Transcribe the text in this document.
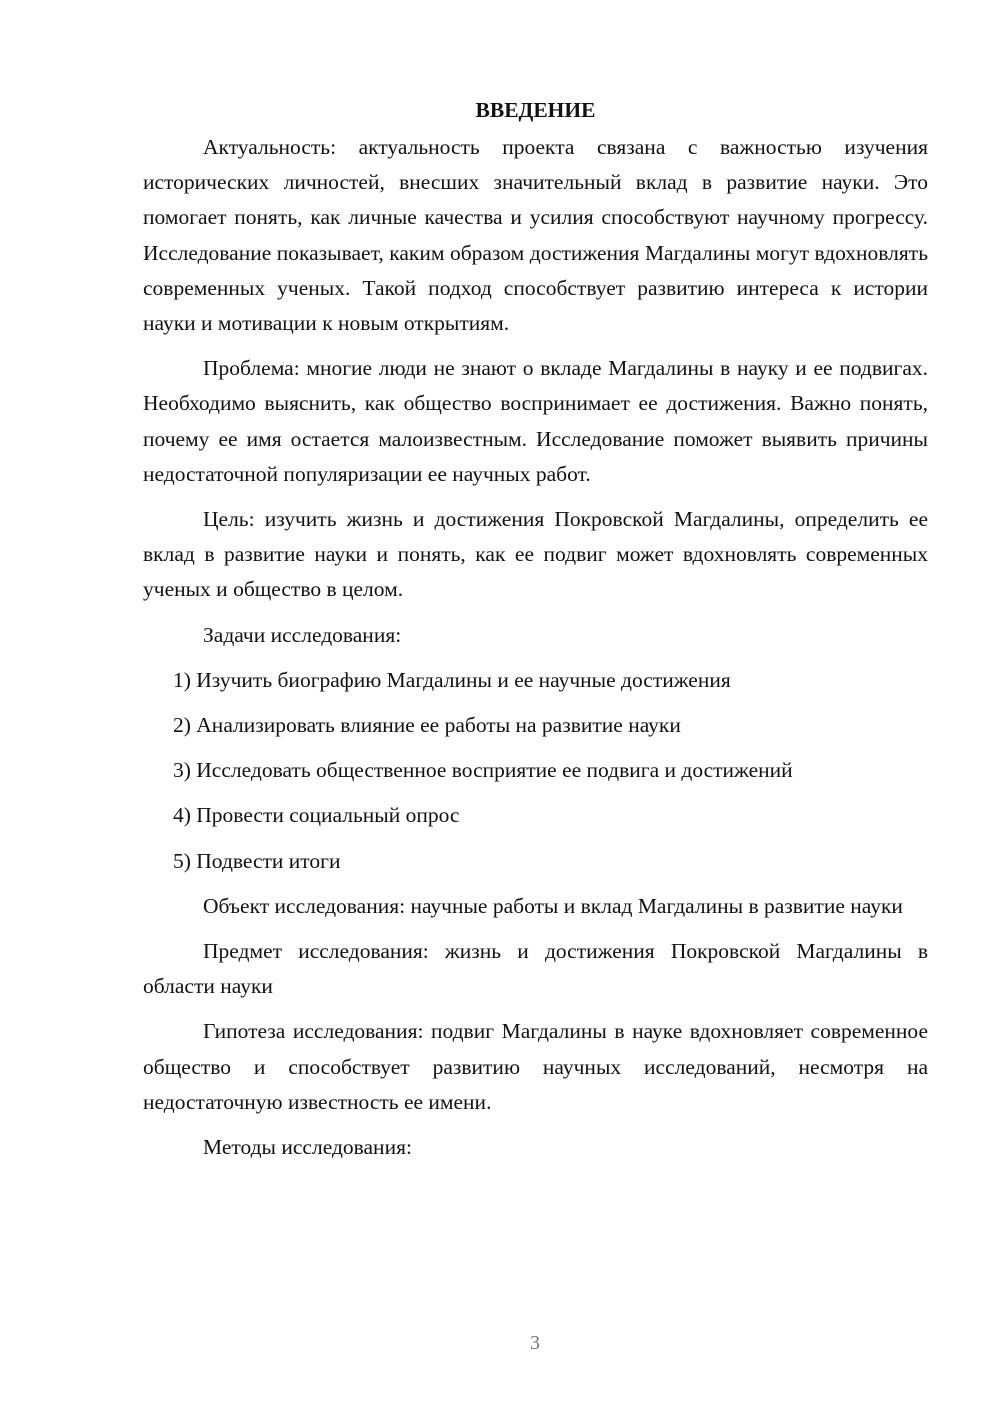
ВВЕДЕНИЕ

Актуальность: актуальность проекта связана с важностью изучения исторических личностей, внесших значительный вклад в развитие науки. Это помогает понять, как личные качества и усилия способствуют научному прогрессу. Исследование показывает, каким образом достижения Магдалины могут вдохновлять современных ученых. Такой подход способствует развитию интереса к истории науки и мотивации к новым открытиям.

Проблема: многие люди не знают о вкладе Магдалины в науку и ее подвигах. Необходимо выяснить, как общество воспринимает ее достижения. Важно понять, почему ее имя остается малоизвестным. Исследование поможет выявить причины недостаточной популяризации ее научных работ.

Цель: изучить жизнь и достижения Покровской Магдалины, определить ее вклад в развитие науки и понять, как ее подвиг может вдохновлять современных ученых и общество в целом.

Задачи исследования:

1) Изучить биографию Магдалины и ее научные достижения
2) Анализировать влияние ее работы на развитие науки
3) Исследовать общественное восприятие ее подвига и достижений
4) Провести социальный опрос
5) Подвести итоги

Объект исследования: научные работы и вклад Магдалины в развитие науки

Предмет исследования: жизнь и достижения Покровской Магдалины в области науки

Гипотеза исследования: подвиг Магдалины в науке вдохновляет современное общество и способствует развитию научных исследований, несмотря на недостаточную известность ее имени.

Методы исследования:

3
